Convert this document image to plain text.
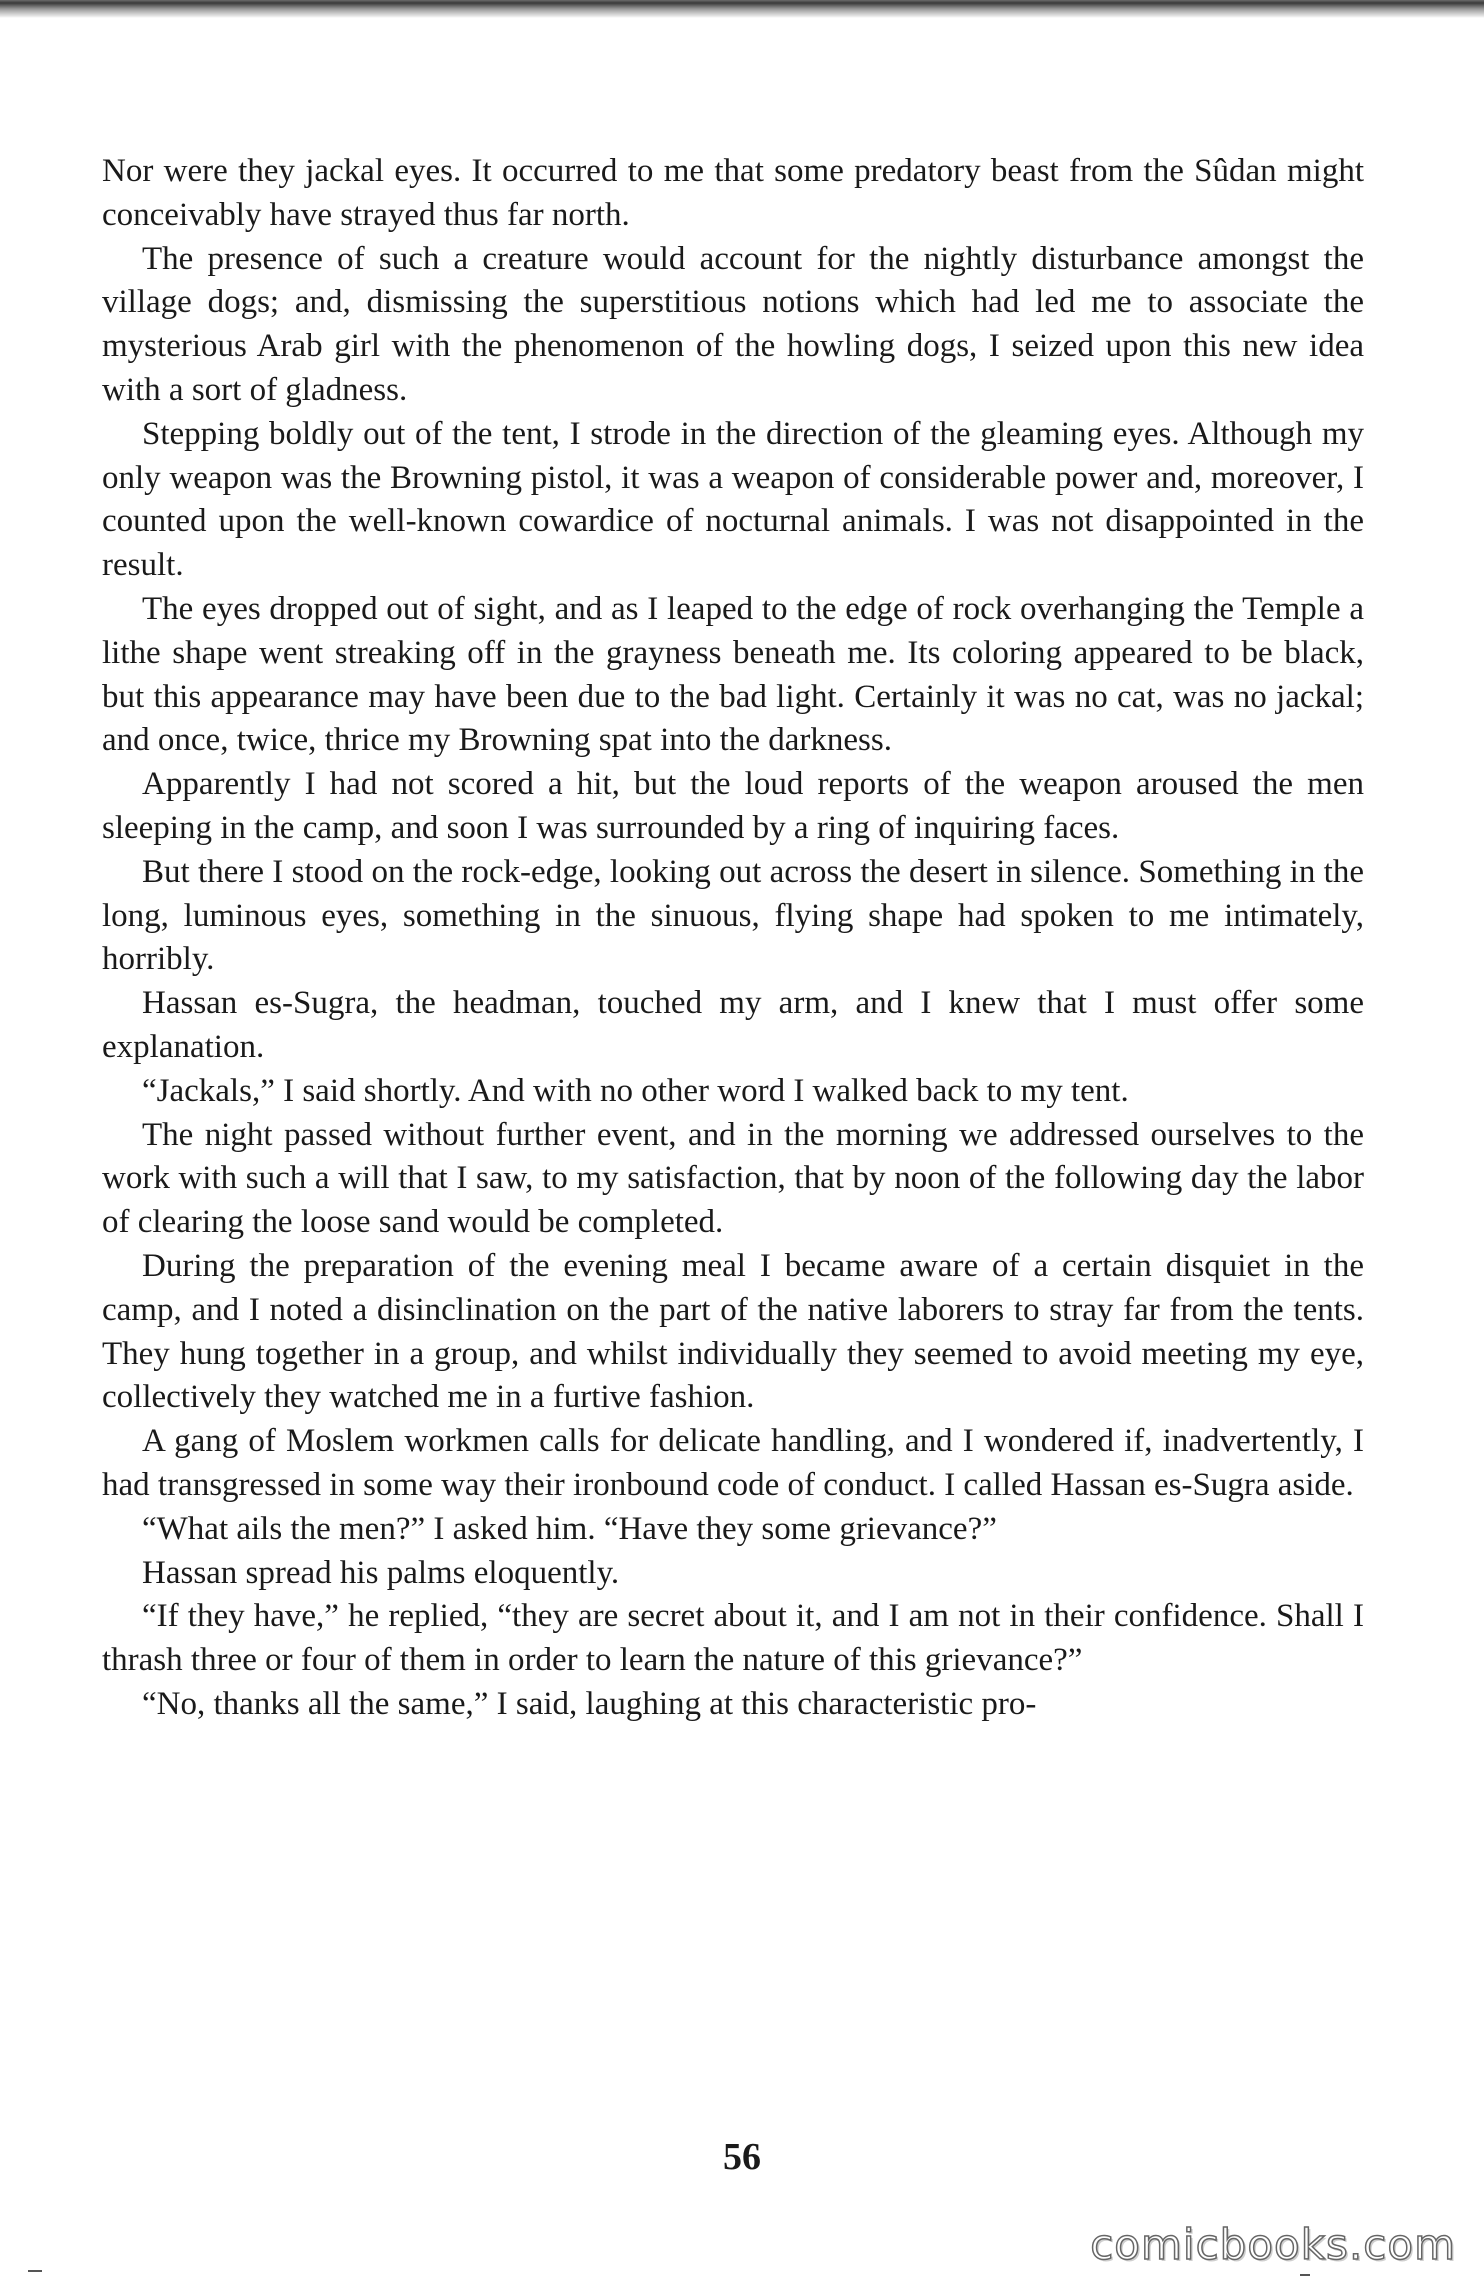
Nor were they jackal eyes. It occurred to me that some predatory beast from the Sûdan might conceivably have strayed thus far north.

The presence of such a creature would account for the nightly disturbance amongst the village dogs; and, dismissing the superstitious notions which had led me to associate the mysterious Arab girl with the phenomenon of the howling dogs, I seized upon this new idea with a sort of gladness.

Stepping boldly out of the tent, I strode in the direction of the gleaming eyes. Although my only weapon was the Browning pistol, it was a weapon of considerable power and, moreover, I counted upon the well-known cowardice of nocturnal animals. I was not disappointed in the result.

The eyes dropped out of sight, and as I leaped to the edge of rock overhanging the Temple a lithe shape went streaking off in the grayness beneath me. Its coloring appeared to be black, but this appearance may have been due to the bad light. Certainly it was no cat, was no jackal; and once, twice, thrice my Browning spat into the darkness.

Apparently I had not scored a hit, but the loud reports of the weapon aroused the men sleeping in the camp, and soon I was surrounded by a ring of inquiring faces.

But there I stood on the rock-edge, looking out across the desert in silence. Something in the long, luminous eyes, something in the sinuous, flying shape had spoken to me intimately, horribly.

Hassan es-Sugra, the headman, touched my arm, and I knew that I must offer some explanation.

“Jackals,” I said shortly. And with no other word I walked back to my tent.

The night passed without further event, and in the morning we addressed ourselves to the work with such a will that I saw, to my satisfaction, that by noon of the following day the labor of clearing the loose sand would be completed.

During the preparation of the evening meal I became aware of a certain disquiet in the camp, and I noted a disinclination on the part of the native laborers to stray far from the tents. They hung together in a group, and whilst individually they seemed to avoid meeting my eye, collectively they watched me in a furtive fashion.

A gang of Moslem workmen calls for delicate handling, and I wondered if, inadvertently, I had transgressed in some way their ironbound code of conduct. I called Hassan es-Sugra aside.

“What ails the men?” I asked him. “Have they some grievance?”

Hassan spread his palms eloquently.

“If they have,” he replied, “they are secret about it, and I am not in their confidence. Shall I thrash three or four of them in order to learn the nature of this grievance?”

“No, thanks all the same,” I said, laughing at this characteristic pro-

56
comicbooks.com
